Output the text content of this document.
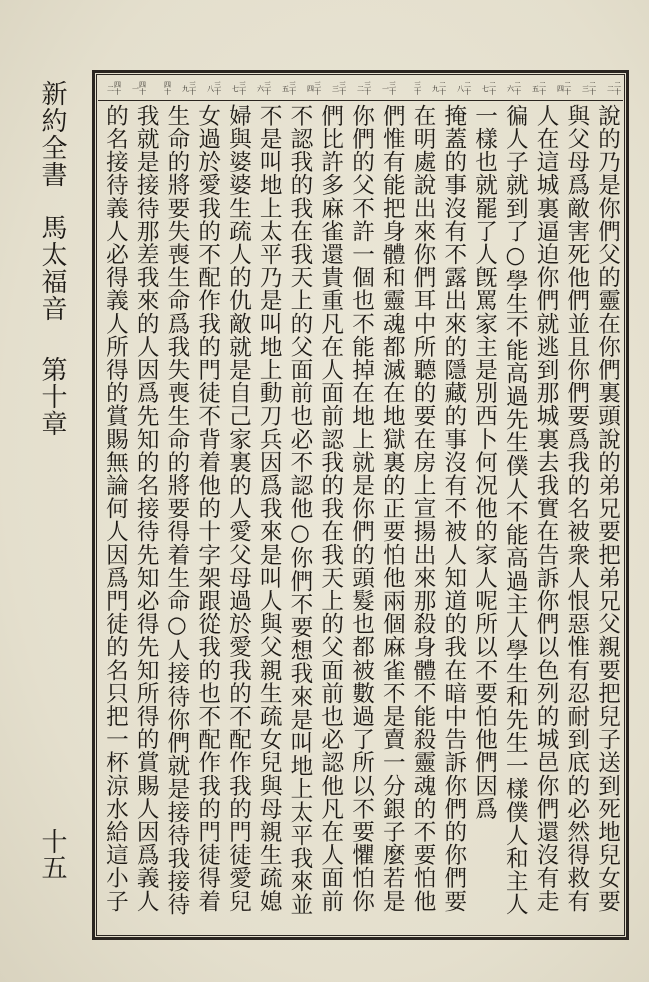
新約全書馬太福音第十章
十五
二十二
二十三
二十四
二十五
二十六
二十七
二十八
二十九
三十
三十一
三十二
三十三
三十四
三十五
三十六
三十七
三十八
三十九
四十
四十一
四十二
說的乃是你們父的靈在你們裏頭說的弟兄要把弟兄父親要把兒子送到死地兒女要
與父母爲敵害死他們並且你們要爲我的名被衆人恨惡惟有忍耐到底的必然得救有
人在這城裏逼迫你們就逃到那城裏去我實在告訴你們以色列的城邑你們還沒有走
徧人子就到了○學生不能高過先生僕人不能高過主人學生和先生一樣僕人和主人
一樣也就罷了人旣罵家主是別西卜何况他的家人呢所以不要怕他們因爲
掩蓋的事沒有不露出來的隱藏的事沒有不被人知道的我在暗中告訴你們的你們要
在明處說出來你們耳中所聽的要在房上宣揚出來那殺身體不能殺靈魂的不要怕他
們惟有能把身體和靈魂都滅在地獄裏的正要怕他兩個麻雀不是賣一分銀子麼若是
你們的父不許一個也不能掉在地上就是你們的頭髮也都被數過了所以不要懼怕你
們比許多麻雀還貴重凡在人面前認我的我在我天上的父面前也必認他凡在人面前
不認我的我在我天上的父面前也必不認他○你們不要想我來是叫地上太平我來並
不是叫地上太平乃是叫地上動刀兵因爲我來是叫人與父親生疏女兒與母親生疏媳
婦與婆婆生疏人的仇敵就是自己家裏的人愛父母過於愛我的不配作我的門徒愛兒
女過於愛我的不配作我的門徒不背着他的十字架跟從我的也不配作我的門徒得着
生命的將要失喪生命爲我失喪生命的將要得着生命○人接待你們就是接待我接待
我就是接待那差我來的人因爲先知的名接待先知必得先知所得的賞賜人因爲義人
的名接待義人必得義人所得的賞賜無論何人因爲門徒的名只把一杯涼水給這小子
